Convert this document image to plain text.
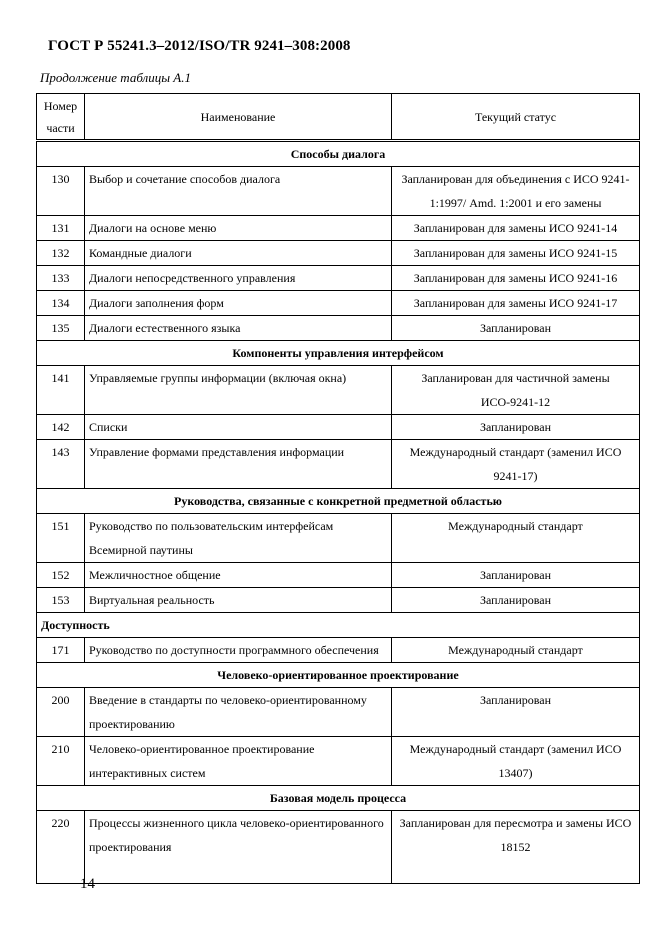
ГОСТ Р 55241.3–2012/ISO/TR 9241–308:2008
Продолжение таблицы А.1
Номер части	Наименование	Текущий статус
Способы диалога		
130	Выбор и сочетание способов диалога	Запланирован для объединения с ИСО 9241-1:1997/ Amd. 1:2001 и его замены
131	Диалоги на основе меню	Запланирован для замены ИСО 9241-14
132	Командные диалоги	Запланирован для замены ИСО 9241-15
133	Диалоги непосредственного управления	Запланирован для замены ИСО 9241-16
134	Диалоги заполнения форм	Запланирован для замены ИСО 9241-17
135	Диалоги естественного языка	Запланирован
Компоненты управления интерфейсом		
141	Управляемые группы информации (включая окна)	Запланирован для частичной замены ИСО-9241-12
142	Списки	Запланирован
143	Управление формами представления информации	Международный стандарт (заменил ИСО 9241-17)
Руководства, связанные с конкретной предметной областью		
151	Руководство по пользовательским интерфейсам Всемирной паутины	Международный стандарт
152	Межличностное общение	Запланирован
153	Виртуальная реальность	Запланирован
Доступность		
171	Руководство по доступности программного обеспечения	Международный стандарт
Человеко-ориентированное проектирование		
200	Введение в стандарты по человеко-ориентированному проектированию	Запланирован
210	Человеко-ориентированное проектирование интерактивных систем	Международный стандарт (заменил ИСО 13407)
Базовая модель процесса		
220	Процессы жизненного цикла человеко-ориентированного проектирования	Запланирован для пересмотра и замены ИСО 18152
14
